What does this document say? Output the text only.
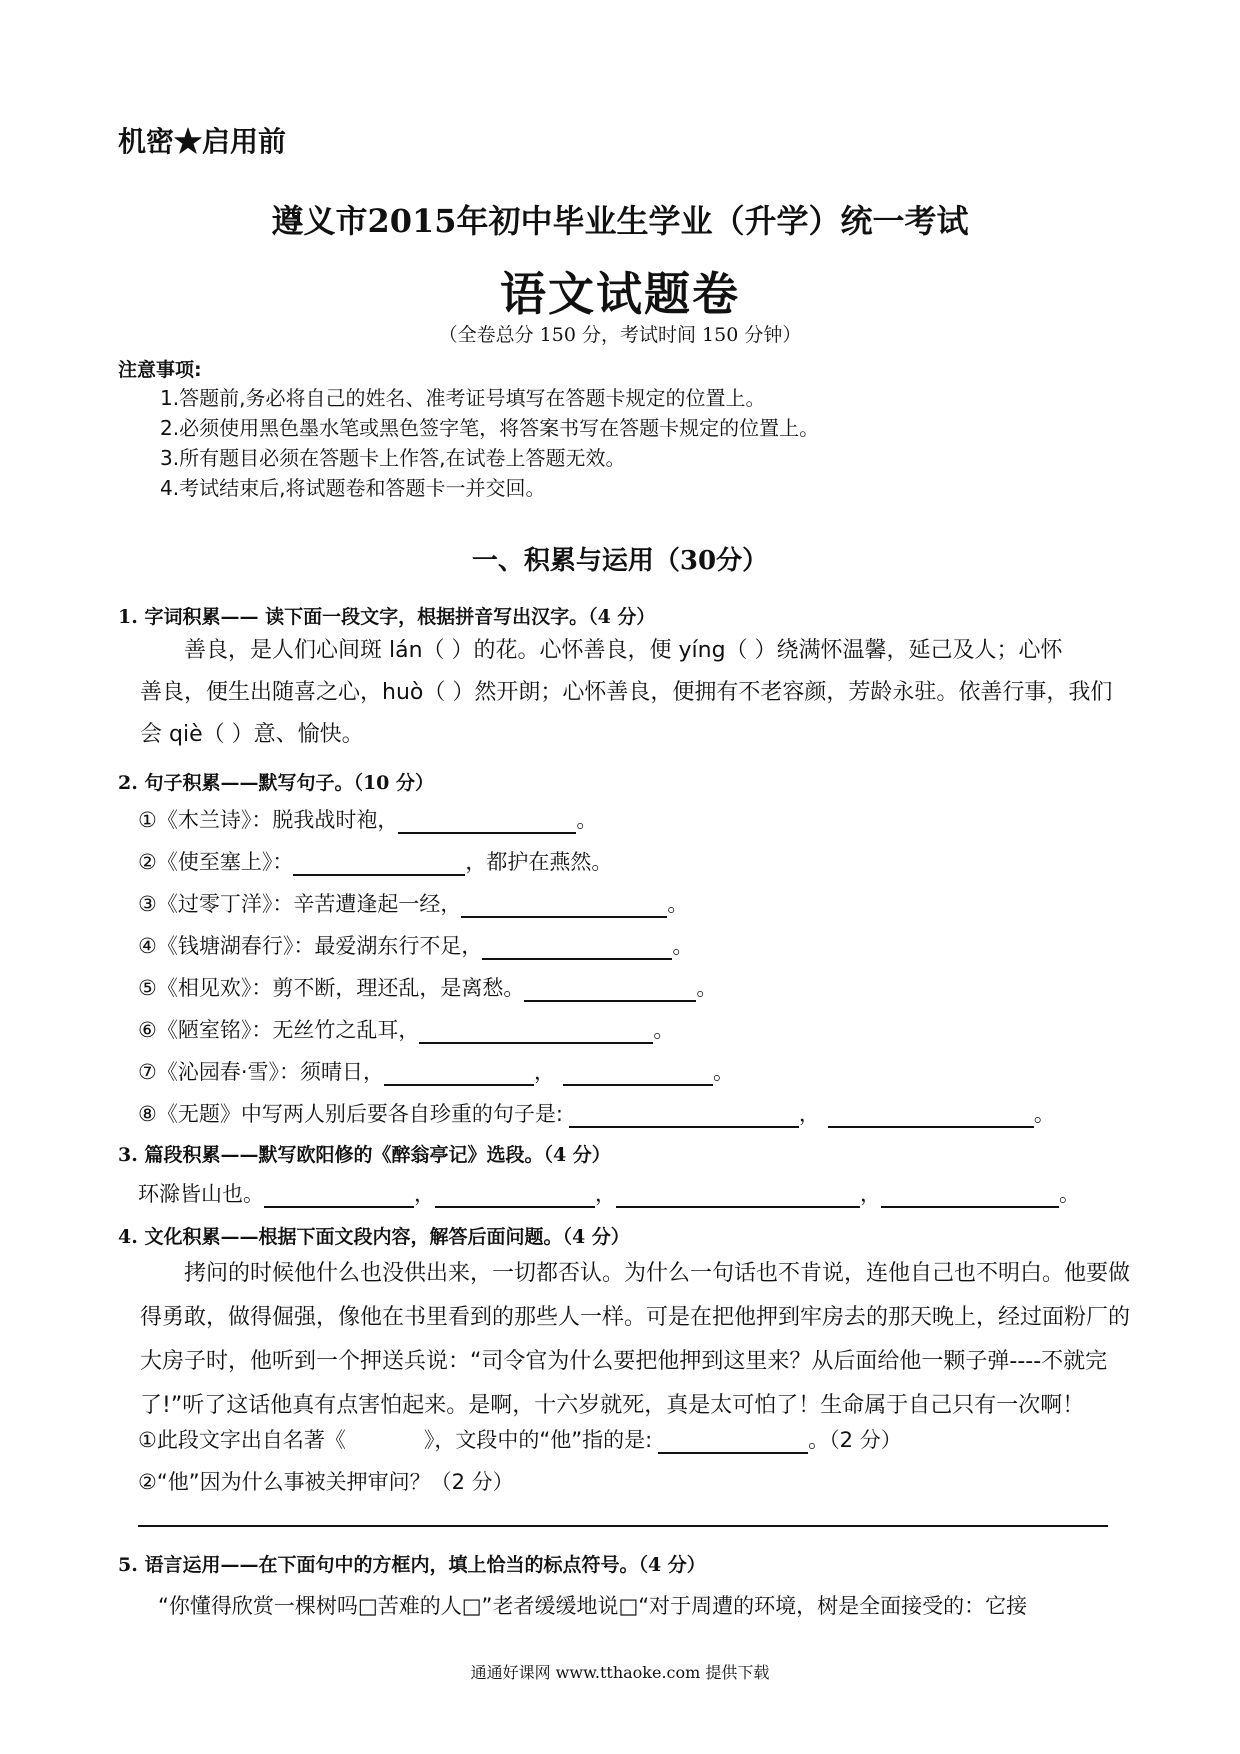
机密★启用前
遵义市2015年初中毕业生学业（升学）统一考试
语文试题卷
（全卷总分 150 分，考试时间 150 分钟）
注意事项:
1.答题前,务必将自己的姓名、准考证号填写在答题卡规定的位置上。
2.必须使用黑色墨水笔或黑色签字笔，将答案书写在答题卡规定的位置上。
3.所有题目必须在答题卡上作答,在试卷上答题无效。
4.考试结束后,将试题卷和答题卡一并交回。
一、积累与运用（30分）
1. 字词积累—— 读下面一段文字，根据拼音写出汉字。（4 分）
善良，是人们心间斑 lán（ ）的花。心怀善良，便 yíng（ ）绕满怀温馨，延己及人；心怀
善良，便生出随喜之心，huò（ ）然开朗；心怀善良，便拥有不老容颜，芳龄永驻。依善行事，我们
会 qiè（ ）意、愉快。
2. 句子积累——默写句子。（10 分）
①《木兰诗》：脱我战时袍，	。
②《使至塞上》：	，都护在燕然。
③《过零丁洋》：辛苦遭逢起一经，	。
④《钱塘湖春行》：最爱湖东行不足，	。
⑤《相见欢》：剪不断，理还乱，是离愁。	。
⑥《陋室铭》：无丝竹之乱耳，	。
⑦《沁园春·雪》：须晴日，	，	。
⑧《无题》中写两人别后要各自珍重的句子是:	，	。
3. 篇段积累——默写欧阳修的《醉翁亭记》选段。（4 分）
环滁皆山也。	，	，	，	。
4. 文化积累——根据下面文段内容，解答后面问题。（4 分）
拷问的时候他什么也没供出来，一切都否认。为什么一句话也不肯说，连他自己也不明白。他要做
得勇敢，做得倔强，像他在书里看到的那些人一样。可是在把他押到牢房去的那天晚上，经过面粉厂的
大房子时，他听到一个押送兵说：“司令官为什么要把他押到这里来？从后面给他一颗子弹----不就完
了!”听了这话他真有点害怕起来。是啊，十六岁就死，真是太可怕了！生命属于自己只有一次啊！
①此段文字出自名著《	》，文段中的“他”指的是:	。（2 分）
②“他”因为什么事被关押审问？（2 分）
5. 语言运用——在下面句中的方框内，填上恰当的标点符号。（4 分）
“你懂得欣赏一棵树吗□苦难的人□”老者缓缓地说□“对于周遭的环境，树是全面接受的：它接
通通好课网 www.tthaoke.com 提供下载
